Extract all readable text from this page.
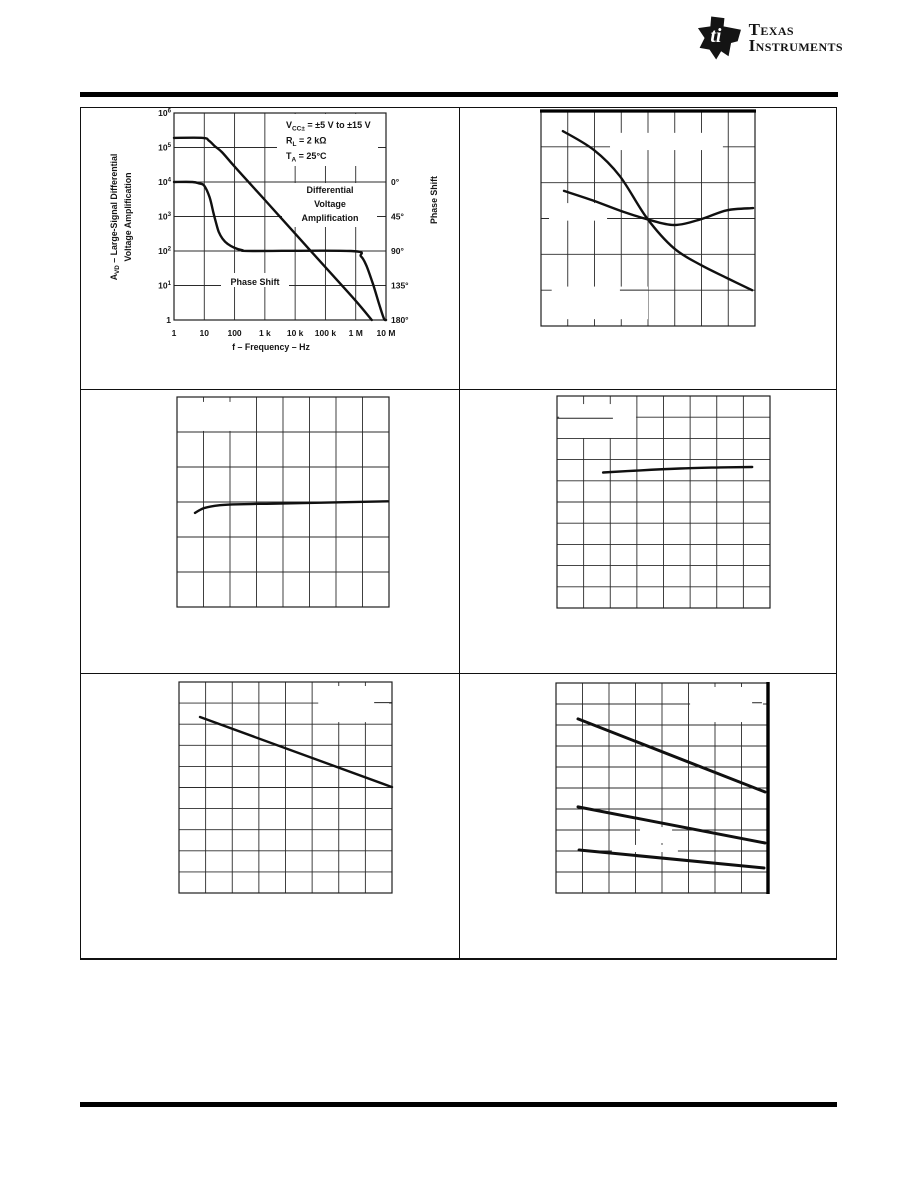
ti Texas
Instruments
$V_{CC\pm} = \pm 5$ V to ±15 V
$R_L = 2$ kΩ
$T_A = 25^\circ C$
Differential
Voltage
Amplification
Phase Shift
$10^6$
$10^5$
$10^4$
$10^3$
$10^2$
$10^1$
1
0°
45°
90°
135°
180°
1	10 100 1 k 10 k 100 k 1 M 10 M
f – Frequency – Hz
$A_{VD}$ – Large-Signal Differential Voltage Amplification	Phase Shift
